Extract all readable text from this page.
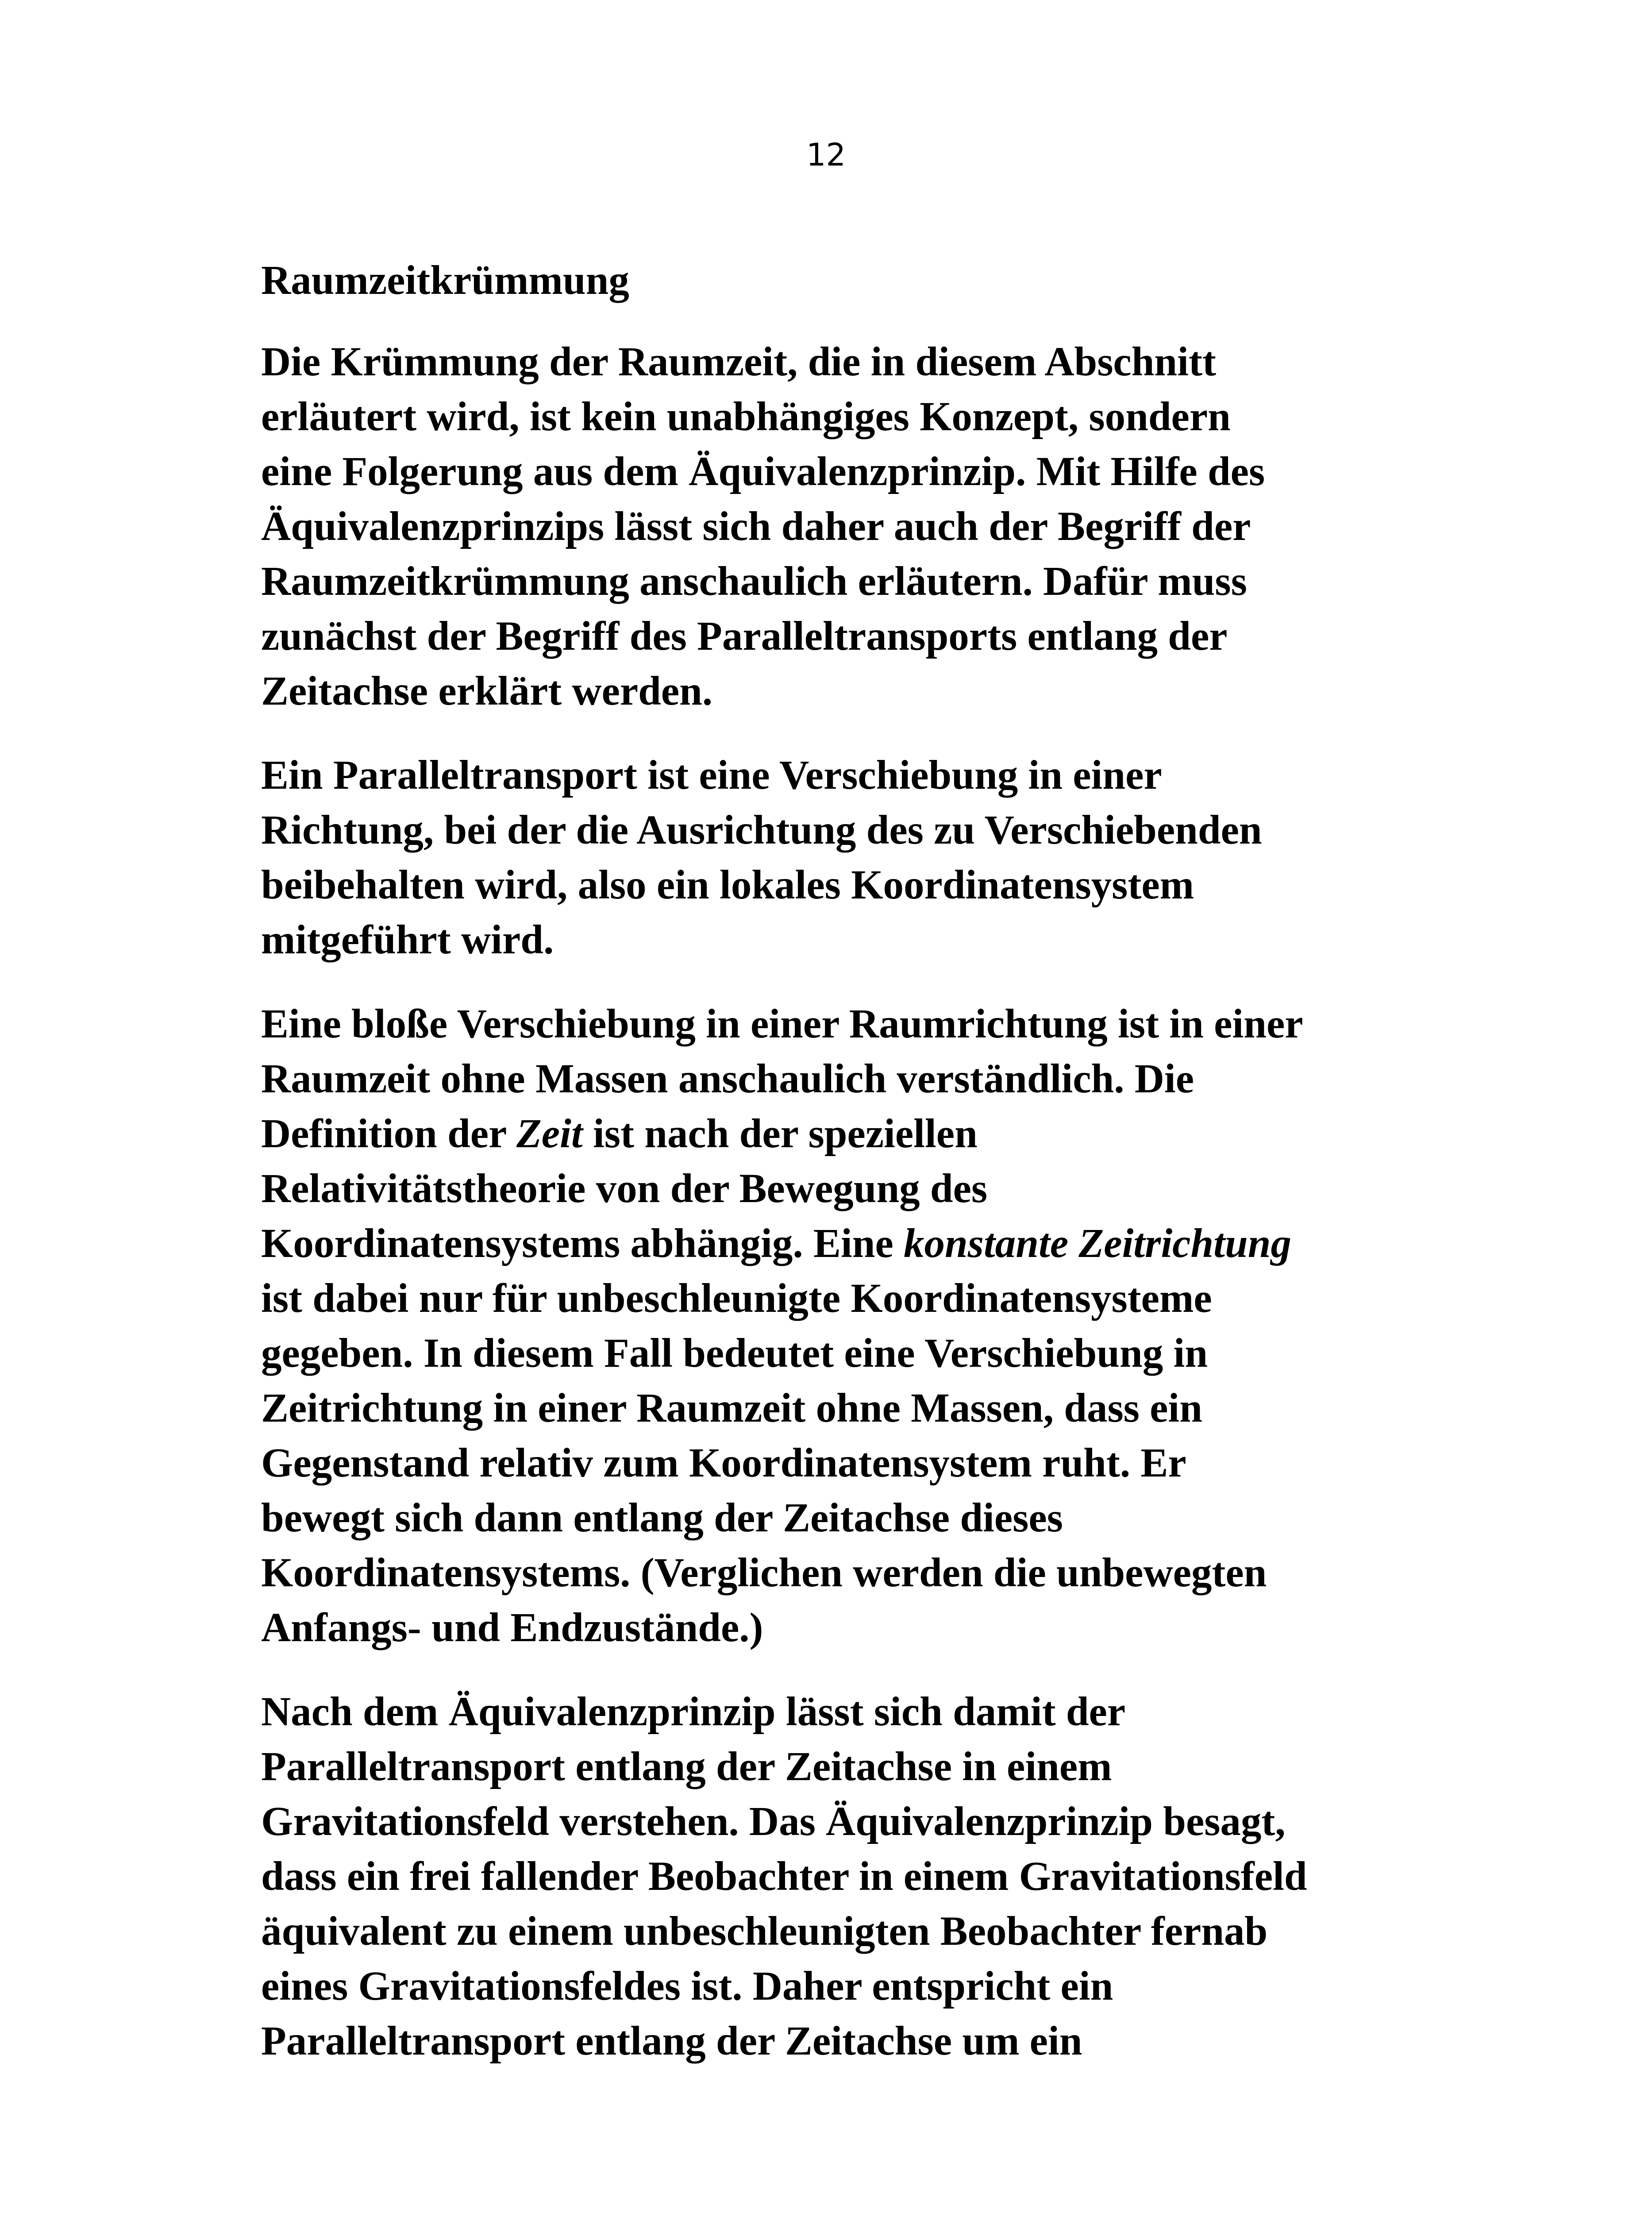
12
Raumzeitkrümmung

Die Krümmung der Raumzeit, die in diesem Abschnitt
erläutert wird, ist kein unabhängiges Konzept, sondern
eine Folgerung aus dem Äquivalenzprinzip. Mit Hilfe des
Äquivalenzprinzips lässt sich daher auch der Begriff der
Raumzeitkrümmung anschaulich erläutern. Dafür muss
zunächst der Begriff des Paralleltransports entlang der
Zeitachse erklärt werden.

Ein Paralleltransport ist eine Verschiebung in einer
Richtung, bei der die Ausrichtung des zu Verschiebenden
beibehalten wird, also ein lokales Koordinatensystem
mitgeführt wird.

Eine bloße Verschiebung in einer Raumrichtung ist in einer
Raumzeit ohne Massen anschaulich verständlich. Die
Definition der Zeit ist nach der speziellen
Relativitätstheorie von der Bewegung des
Koordinatensystems abhängig. Eine konstante Zeitrichtung
ist dabei nur für unbeschleunigte Koordinatensysteme
gegeben. In diesem Fall bedeutet eine Verschiebung in
Zeitrichtung in einer Raumzeit ohne Massen, dass ein
Gegenstand relativ zum Koordinatensystem ruht. Er
bewegt sich dann entlang der Zeitachse dieses
Koordinatensystems. (Verglichen werden die unbewegten
Anfangs- und Endzustände.)

Nach dem Äquivalenzprinzip lässt sich damit der
Paralleltransport entlang der Zeitachse in einem
Gravitationsfeld verstehen. Das Äquivalenzprinzip besagt,
dass ein frei fallender Beobachter in einem Gravitationsfeld
äquivalent zu einem unbeschleunigten Beobachter fernab
eines Gravitationsfeldes ist. Daher entspricht ein
Paralleltransport entlang der Zeitachse um ein
